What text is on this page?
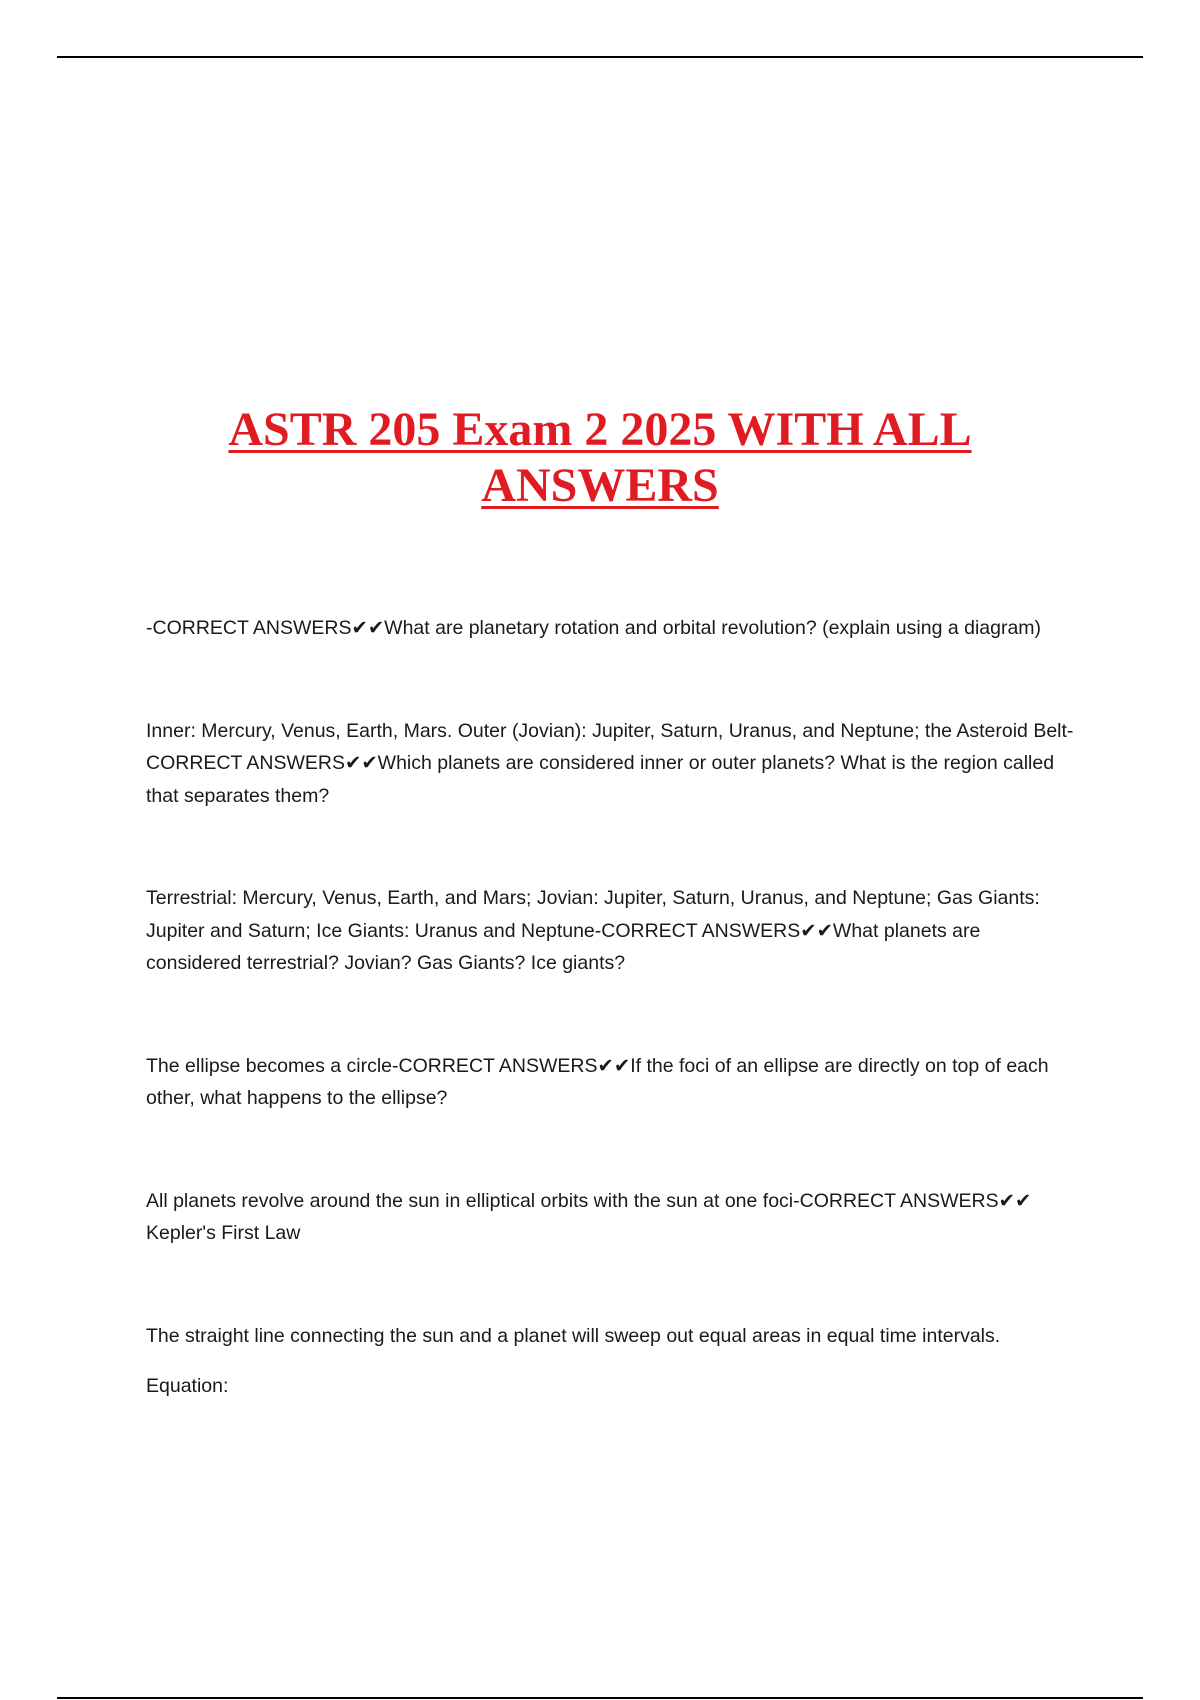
ASTR 205 Exam 2 2025 WITH ALL
ANSWERS

-CORRECT ANSWERS✔✔What are planetary rotation and orbital revolution? (explain using a diagram)

Inner: Mercury, Venus, Earth, Mars. Outer (Jovian): Jupiter, Saturn, Uranus, and Neptune; the Asteroid Belt-CORRECT ANSWERS✔✔Which planets are considered inner or outer planets? What is the region called that separates them?

Terrestrial: Mercury, Venus, Earth, and Mars; Jovian: Jupiter, Saturn, Uranus, and Neptune; Gas Giants: Jupiter and Saturn; Ice Giants: Uranus and Neptune-CORRECT ANSWERS✔✔What planets are considered terrestrial? Jovian? Gas Giants? Ice giants?

The ellipse becomes a circle-CORRECT ANSWERS✔✔If the foci of an ellipse are directly on top of each other, what happens to the ellipse?

All planets revolve around the sun in elliptical orbits with the sun at one foci-CORRECT ANSWERS✔✔ Kepler's First Law

The straight line connecting the sun and a planet will sweep out equal areas in equal time intervals.

Equation:
